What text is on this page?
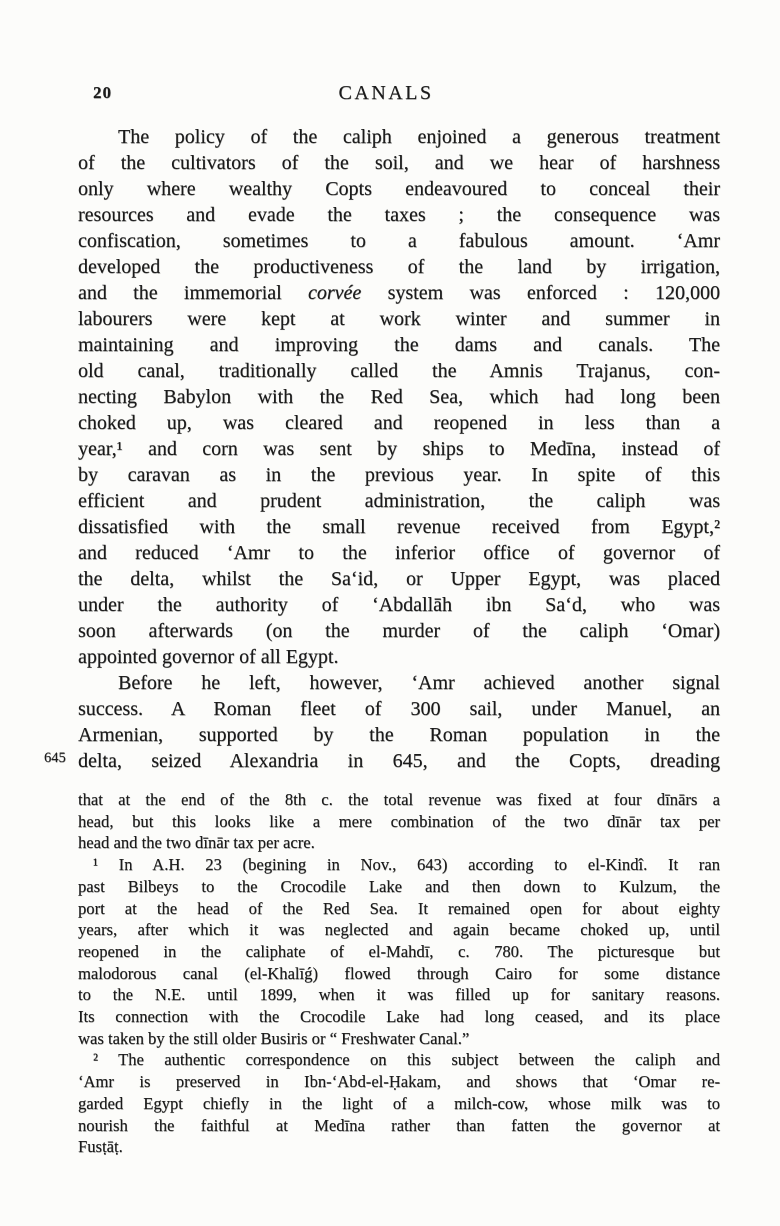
20	CANALS
The policy of the caliph enjoined a generous treatment
of the cultivators of the soil, and we hear of harshness
only where wealthy Copts endeavoured to conceal their
resources and evade the taxes ; the consequence was
confiscation, sometimes to a fabulous amount. ‘Amr
developed the productiveness of the land by irrigation,
and the immemorial corvée system was enforced : 120,000
labourers were kept at work winter and summer in
maintaining and improving the dams and canals. The
old canal, traditionally called the Amnis Trajanus, con-
necting Babylon with the Red Sea, which had long been
choked up, was cleared and reopened in less than a
year,¹ and corn was sent by ships to Medīna, instead of
by caravan as in the previous year. In spite of this
efficient and prudent administration, the caliph was
dissatisfied with the small revenue received from Egypt,²
and reduced ‘Amr to the inferior office of governor of
the delta, whilst the Sa‘id, or Upper Egypt, was placed
under the authority of ‘Abdallāh ibn Sa‘d, who was
soon afterwards (on the murder of the caliph ‘Omar)
appointed governor of all Egypt.
Before he left, however, ‘Amr achieved another signal
success. A Roman fleet of 300 sail, under Manuel, an
Armenian, supported by the Roman population in the
delta, seized Alexandria in 645, and the Copts, dreading
645
that at the end of the 8th c. the total revenue was fixed at four dīnārs a
head, but this looks like a mere combination of the two dīnār tax per
head and the two dīnār tax per acre.
¹ In A.H. 23 (begining in Nov., 643) according to el-Kindî. It ran
past Bilbeys to the Crocodile Lake and then down to Kulzum, the
port at the head of the Red Sea. It remained open for about eighty
years, after which it was neglected and again became choked up, until
reopened in the caliphate of el-Mahdī, c. 780. The picturesque but
malodorous canal (el-Khalīǵ) flowed through Cairo for some distance
to the N.E. until 1899, when it was filled up for sanitary reasons.
Its connection with the Crocodile Lake had long ceased, and its place
was taken by the still older Busiris or “ Freshwater Canal.”
² The authentic correspondence on this subject between the caliph and
‘Amr is preserved in Ibn-‘Abd-el-Ḥakam, and shows that ‘Omar re-
garded Egypt chiefly in the light of a milch-cow, whose milk was to
nourish the faithful at Medīna rather than fatten the governor at
Fusṭāṭ.
